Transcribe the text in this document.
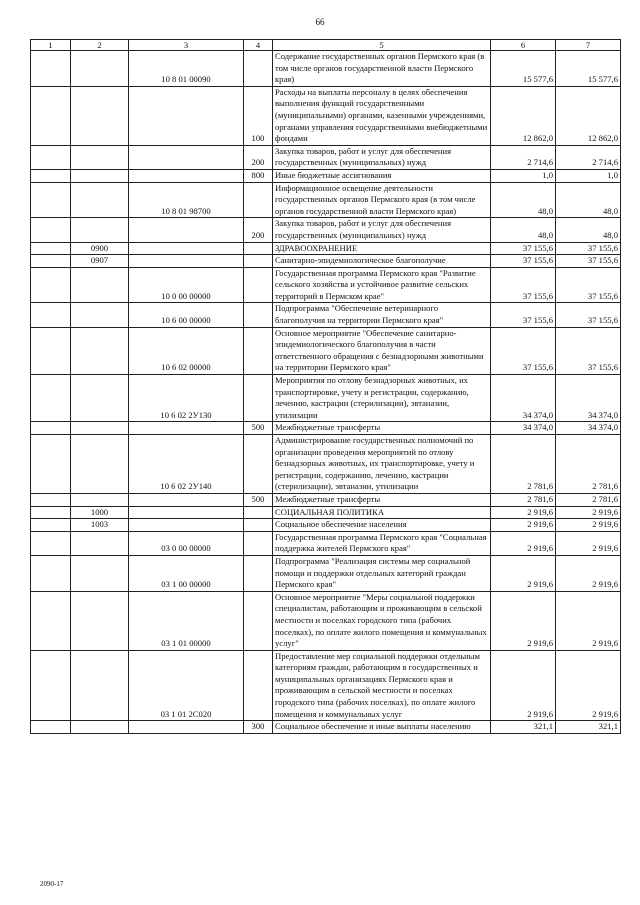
66
1	2	3	4	5	6	7
		10 8 01 00090		Содержание государственных органов Пермского края (в том числе органов государственной власти Пермского края)	15 577,6	15 577,6
			100	Расходы на выплаты персоналу в целях обеспечения выполнения функций государственными (муниципальными) органами, казенными учреждениями, органами управления государственными внебюджетными фондами	12 862,0	12 862,0
			200	Закупка товаров, работ и услуг для обеспечения государственных (муниципальных) нужд	2 714,6	2 714,6
			800	Иные бюджетные ассигнования	1,0	1,0
		10 8 01 98700		Информационное освещение деятельности государственных органов Пермского края (в том числе органов государственной власти Пермского края)	48,0	48,0
			200	Закупка товаров, работ и услуг для обеспечения государственных (муниципальных) нужд	48,0	48,0
	0900			ЗДРАВООХРАНЕНИЕ	37 155,6	37 155,6
	0907			Санитарно-эпидемиологическое благополучие	37 155,6	37 155,6
		10 0 00 00000		Государственная программа Пермского края "Развитие сельского хозяйства и устойчивое развитие сельских территорий в Пермском крае"	37 155,6	37 155,6
		10 6 00 00000		Подпрограмма "Обеспечение ветеринарного благополучия на территории Пермского края"	37 155,6	37 155,6
		10 6 02 00000		Основное мероприятие "Обеспечение санитарно-эпидемиологического благополучия в части ответственного обращения с безнадзорными животными на территории Пермского края"	37 155,6	37 155,6
		10 6 02 2У130		Мероприятия по отлову безнадзорных животных, их транспортировке, учету и регистрации, содержанию, лечению, кастрации (стерилизации), эвтаназии, утилизации	34 374,0	34 374,0
			500	Межбюджетные трансферты	34 374,0	34 374,0
		10 6 02 2У140		Администрирование государственных полномочий по организации проведения мероприятий по отлову безнадзорных животных, их транспортировке, учету и регистрации, содержанию, лечению, кастрации (стерилизации), эвтаназии, утилизации	2 781,6	2 781,6
			500	Межбюджетные трансферты	2 781,6	2 781,6
	1000			СОЦИАЛЬНАЯ ПОЛИТИКА	2 919,6	2 919,6
	1003			Социальное обеспечение населения	2 919,6	2 919,6
		03 0 00 00000		Государственная программа Пермского края "Социальная поддержка жителей Пермского края"	2 919,6	2 919,6
		03 1 00 00000		Подпрограмма "Реализация системы мер социальной помощи и поддержки отдельных категорий граждан Пермского края"	2 919,6	2 919,6
		03 1 01 00000		Основное мероприятие "Меры социальной поддержки специалистам, работающим и проживающим в сельской местности и поселках городского типа (рабочих поселках), по оплате жилого помещения и коммунальных услуг"	2 919,6	2 919,6
		03 1 01 2С020		Предоставление мер социальной поддержки отдельным категориям граждан, работающим в государственных и муниципальных организациях Пермского края и проживающим в сельской местности и поселках городского типа (рабочих поселках), по оплате жилого помещения и коммунальных услуг	2 919,6	2 919,6
			300	Социальное обеспечение и иные выплаты населению	321,1	321,1
2090-17
